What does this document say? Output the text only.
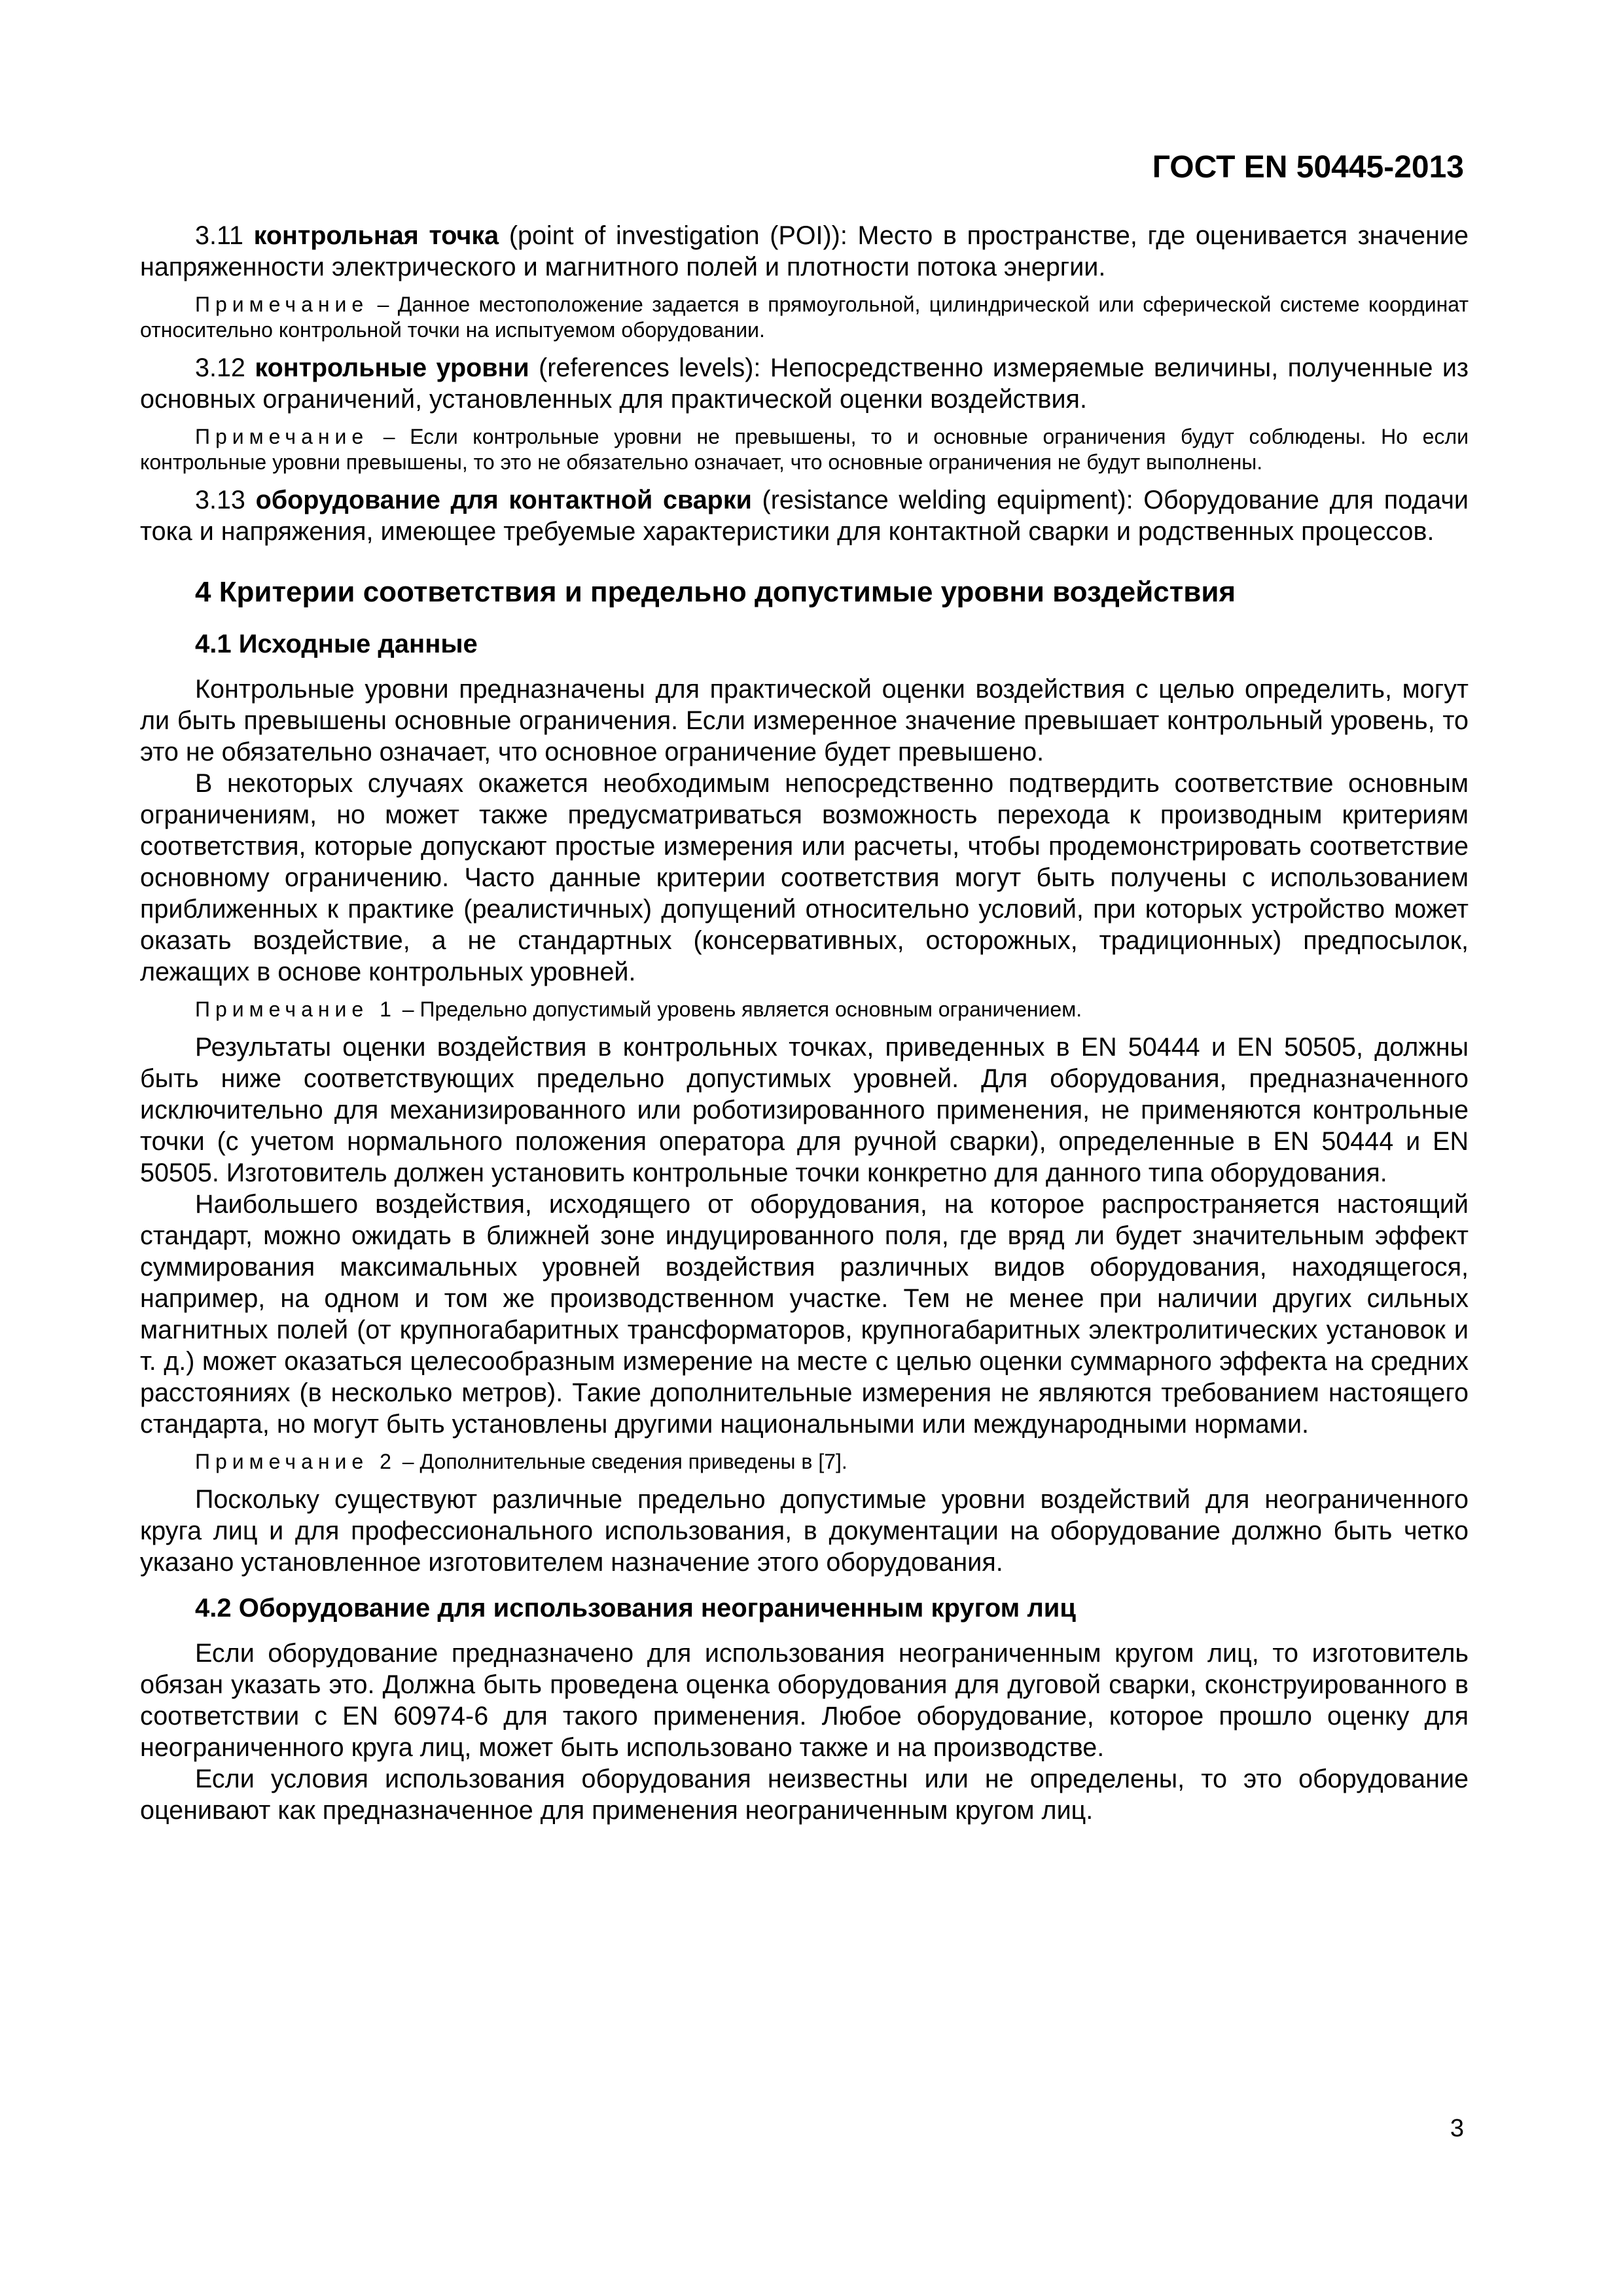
ГОСТ EN 50445-2013

3.11 контрольная точка (point of investigation (POI)): Место в пространстве, где оценивается значение напряженности электрического и магнитного полей и плотности потока энергии.

Примечание – Данное местоположение задается в прямоугольной, цилиндрической или сферической системе координат относительно контрольной точки на испытуемом оборудовании.

3.12 контрольные уровни (references levels): Непосредственно измеряемые величины, полученные из основных ограничений, установленных для практической оценки воздействия.

Примечание – Если контрольные уровни не превышены, то и основные ограничения будут соблюдены. Но если контрольные уровни превышены, то это не обязательно означает, что основные ограничения не будут выполнены.

3.13 оборудование для контактной сварки (resistance welding equipment): Оборудование для подачи тока и напряжения, имеющее требуемые характеристики для контактной сварки и родственных процессов.

4 Критерии соответствия и предельно допустимые уровни воздействия
4.1 Исходные данные

Контрольные уровни предназначены для практической оценки воздействия с целью определить, могут ли быть превышены основные ограничения. Если измеренное значение превышает контрольный уровень, то это не обязательно означает, что основное ограничение будет превышено.

В некоторых случаях окажется необходимым непосредственно подтвердить соответствие основным ограничениям, но может также предусматриваться возможность перехода к производным критериям соответствия, которые допускают простые измерения или расчеты, чтобы продемонстрировать соответствие основному ограничению. Часто данные критерии соответствия могут быть получены с использованием приближенных к практике (реалистичных) допущений относительно условий, при которых устройство может оказать воздействие, а не стандартных (консервативных, осторожных, традиционных) предпосылок, лежащих в основе контрольных уровней.

Примечание 1 – Предельно допустимый уровень является основным ограничением.

Результаты оценки воздействия в контрольных точках, приведенных в EN 50444 и EN 50505, должны быть ниже соответствующих предельно допустимых уровней. Для оборудования, предназначенного исключительно для механизированного или роботизированного применения, не применяются контрольные точки (с учетом нормального положения оператора для ручной сварки), определенные в EN 50444 и EN 50505. Изготовитель должен установить контрольные точки конкретно для данного типа оборудования.

Наибольшего воздействия, исходящего от оборудования, на которое распространяется настоящий стандарт, можно ожидать в ближней зоне индуцированного поля, где вряд ли будет значительным эффект суммирования максимальных уровней воздействия различных видов оборудования, находящегося, например, на одном и том же производственном участке. Тем не менее при наличии других сильных магнитных полей (от крупногабаритных трансформаторов, крупногабаритных электролитических установок и т. д.) может оказаться целесообразным измерение на месте с целью оценки суммарного эффекта на средних расстояниях (в несколько метров). Такие дополнительные измерения не являются требованием настоящего стандарта, но могут быть установлены другими национальными или международными нормами.

Примечание 2 – Дополнительные сведения приведены в [7].

Поскольку существуют различные предельно допустимые уровни воздействий для неограниченного круга лиц и для профессионального использования, в документации на оборудование должно быть четко указано установленное изготовителем назначение этого оборудования.

4.2 Оборудование для использования неограниченным кругом лиц

Если оборудование предназначено для использования неограниченным кругом лиц, то изготовитель обязан указать это. Должна быть проведена оценка оборудования для дуговой сварки, сконструированного в соответствии с EN 60974-6 для такого применения. Любое оборудование, которое прошло оценку для неограниченного круга лиц, может быть использовано также и на производстве.

Если условия использования оборудования неизвестны или не определены, то это оборудование оценивают как предназначенное для применения неограниченным кругом лиц.

3
